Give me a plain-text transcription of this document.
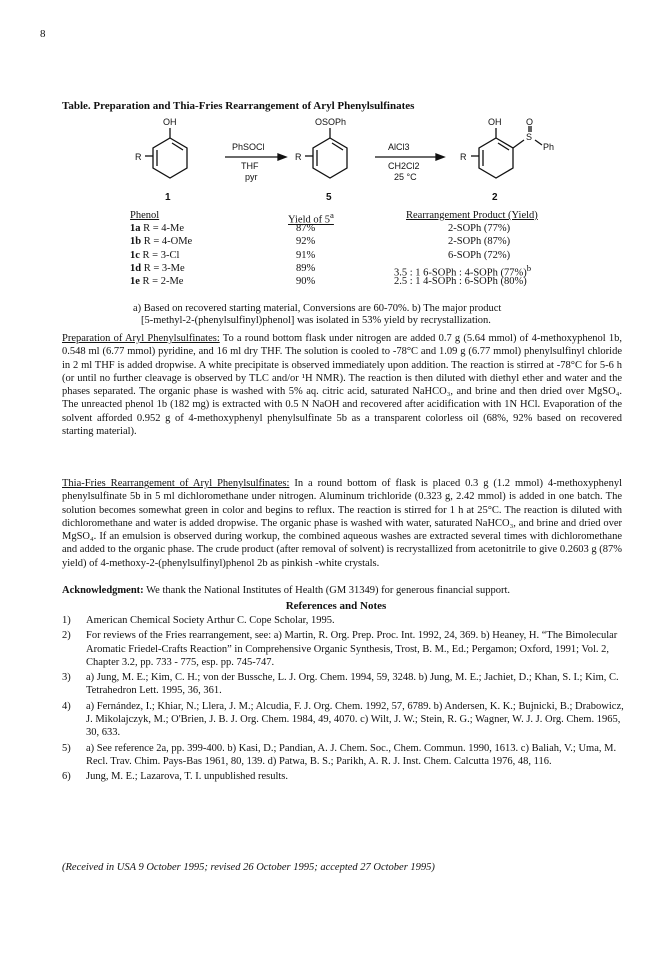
8
Table. Preparation and Thia-Fries Rearrangement of Aryl Phenylsulfinates
OH
R
PhSOCl
THF
pyr
OSOPh
R
AlCl3
CH2Cl2
25 °C
OH	O
S
Ph
R
1	5	2
Phenol	Yield of 5$^a$	Rearrangement Product (Yield)
1a R = 4-Me	87%	2-SOPh (77%)
1b R = 4-OMe	92%	2-SOPh (87%)
1c R = 3-Cl	91%	6-SOPh (72%)
1d R = 3-Me	89%	3.5 : 1 6-SOPh : 4-SOPh $(77\%)^b$
1e R = 2-Me	90%	2.5 : 1 4-SOPh : 6-SOPh (80%)
a) Based on recovered starting material, Conversions are 60-70%. b) The major product
[5-methyl-2-(phenylsulfinyl)phenol] was isolated in 53% yield by recrystallization.
Preparation of Aryl Phenylsulfinates: To a round bottom flask under nitrogen are added 0.7 g (5.64 mmol) of 4-methoxyphenol 1b, 0.548 ml (6.77 mmol) pyridine, and 16 ml dry THF. The solution is cooled to -78°C and 1.09 g (6.77 mmol) phenylsulfinyl chloride in 2 ml THF is added dropwise. A white precipitate is observed immediately upon addition. The reaction is stirred at -78°C for 5-6 h (or until no further cleavage is observed by TLC and/or ¹H NMR). The reaction is then diluted with diethyl ether and water and the phases separated. The organic phase is washed with 5% aq. citric acid, saturated NaHCO₃, and brine and then dried over MgSO₄. The unreacted phenol 1b (182 mg) is extracted with 0.5 N NaOH and recovered after acidification with 1N HCl. Evaporation of the solvent afforded 0.952 g of 4-methoxyphenyl phenylsulfinate 5b as a transparent colorless oil (68%, 92% based on recovered starting material).
Thia-Fries Rearrangement of Aryl Phenylsulfinates: In a round bottom of flask is placed 0.3 g (1.2 mmol) 4-methoxyphenyl phenylsulfinate 5b in 5 ml dichloromethane under nitrogen. Aluminum trichloride (0.323 g, 2.42 mmol) is added in one batch. The solution becomes somewhat green in color and begins to reflux. The reaction is stirred for 1 h at 25°C. The reaction is diluted with dichloromethane and water is added dropwise. The organic phase is washed with water, saturated NaHCO₃, and brine and dried over MgSO₄. If an emulsion is observed during workup, the combined aqueous washes are extracted several times with dichloromethane and added to the organic phase. The crude product (after removal of solvent) is recrystallized from acetonitrile to give 0.2603 g (87% yield) of 4-methoxy-2-(phenylsulfinyl)phenol 2b as pinkish -white crystals.
Acknowledgment: We thank the National Institutes of Health (GM 31349) for generous financial support.
References and Notes
1) American Chemical Society Arthur C. Cope Scholar, 1995.
2) For reviews of the Fries rearrangement, see: a) Martin, R. Org. Prep. Proc. Int. 1992, 24, 369. b) Heaney, H. “The Bimolecular Aromatic Friedel-Crafts Reaction” in Comprehensive Organic Synthesis, Trost, B. M., Ed.; Pergamon; Oxford, 1991; Vol. 2, Chapter 3.2, pp. 733 - 775, esp. pp. 745-747.
3) a) Jung, M. E.; Kim, C. H.; von der Bussche, L. J. Org. Chem. 1994, 59, 3248. b) Jung, M. E.; Jachiet, D.; Khan, S. I.; Kim, C. Tetrahedron Lett. 1995, 36, 361.
4) a) Fernández, I.; Khiar, N.; Llera, J. M.; Alcudia, F. J. Org. Chem. 1992, 57, 6789. b) Andersen, K. K.; Bujnicki, B.; Drabowicz, J. Mikolajczyk, M.; O'Brien, J. B. J. Org. Chem. 1984, 49, 4070. c) Wilt, J. W.; Stein, R. G.; Wagner, W. J. J. Org. Chem. 1965, 30, 633.
5) a) See reference 2a, pp. 399-400. b) Kasi, D.; Pandian, A. J. Chem. Soc., Chem. Commun. 1990, 1613. c) Baliah, V.; Uma, M. Recl. Trav. Chim. Pays-Bas 1961, 80, 139. d) Patwa, B. S.; Parikh, A. R. J. Inst. Chem. Calcutta 1976, 48, 116.
6) Jung, M. E.; Lazarova, T. I. unpublished results.
(Received in USA 9 October 1995; revised 26 October 1995; accepted 27 October 1995)
